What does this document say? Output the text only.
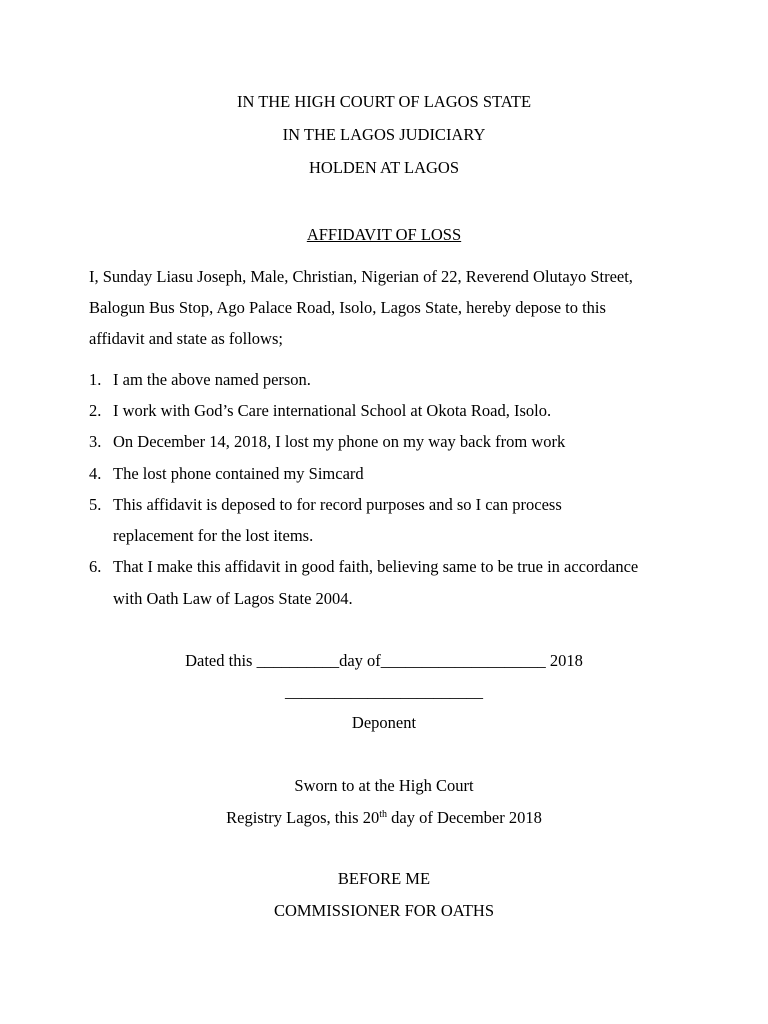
IN THE HIGH COURT OF LAGOS STATE
IN THE LAGOS JUDICIARY
HOLDEN AT LAGOS
AFFIDAVIT OF LOSS
I, Sunday Liasu Joseph, Male, Christian, Nigerian of 22, Reverend Olutayo Street,
Balogun Bus Stop, Ago Palace Road, Isolo, Lagos State, hereby depose to this
affidavit and state as follows;
1. I am the above named person.
2. I work with God’s Care international School at Okota Road, Isolo.
3. On December 14, 2018, I lost my phone on my way back from work
4. The lost phone contained my Simcard
5. This affidavit is deposed to for record purposes and so I can process
replacement for the lost items.
6. That I make this affidavit in good faith, believing same to be true in accordance
with Oath Law of Lagos State 2004.
Dated this __________day of____________________ 2018
________________________
Deponent
Sworn to at the High Court
Registry Lagos, this 20th day of December 2018
BEFORE ME
COMMISSIONER FOR OATHS
